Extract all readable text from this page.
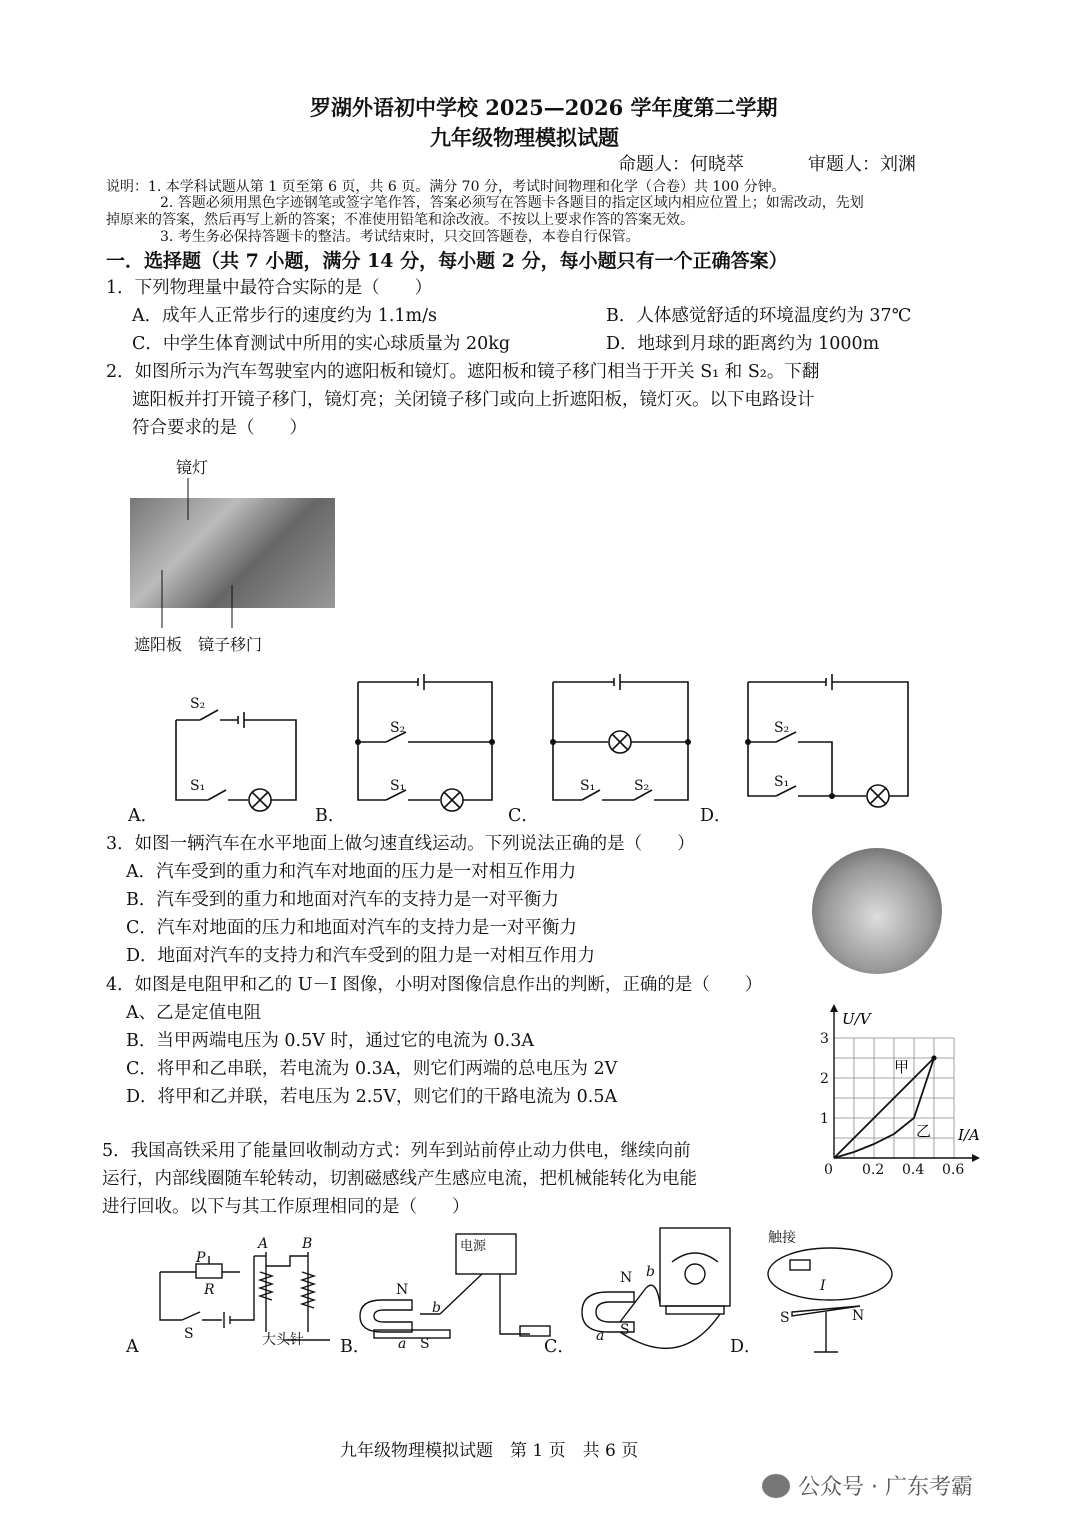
罗湖外语初中学校 2025—2026 学年度第二学期
九年级物理模拟试题
命题人：何晓萃	审题人：刘渊
说明：1. 本学科试题从第 1 页至第 6 页，共 6 页。满分 70 分，考试时间物理和化学（合卷）共 100 分钟。
2. 答题必须用黑色字迹钢笔或签字笔作答，答案必须写在答题卡各题目的指定区域内相应位置上；如需改动，先划
掉原来的答案，然后再写上新的答案；不准使用铅笔和涂改液。不按以上要求作答的答案无效。
3. 考生务必保持答题卡的整洁。考试结束时，只交回答题卷，本卷自行保管。
一．选择题（共 7 小题，满分 14 分，每小题 2 分，每小题只有一个正确答案）
1．下列物理量中最符合实际的是（　　）
A．成年人正常步行的速度约为 1.1m/s	B．人体感觉舒适的环境温度约为 37℃
C．中学生体育测试中所用的实心球质量为 20kg	D．地球到月球的距离约为 1000m
2．如图所示为汽车驾驶室内的遮阳板和镜灯。遮阳板和镜子移门相当于开关 S₁ 和 S₂。下翻
遮阳板并打开镜子移门，镜灯亮；关闭镜子移门或向上折遮阳板，镜灯灭。以下电路设计
符合要求的是（　　）
镜灯
遮阳板 镜子移门
S₂
S₁
S₂
S₁	S₁	S₂
S₂
S₁
A．	B．	C．	D．
3．如图一辆汽车在水平地面上做匀速直线运动。下列说法正确的是（　　）
A．汽车受到的重力和汽车对地面的压力是一对相互作用力
B．汽车受到的重力和地面对汽车的支持力是一对平衡力
C．汽车对地面的压力和地面对汽车的支持力是一对平衡力
D．地面对汽车的支持力和汽车受到的阻力是一对相互作用力
4．如图是电阻甲和乙的 U－I 图像，小明对图像信息作出的判断，正确的是（　　）
A、乙是定值电阻
B．当甲两端电压为 0.5V 时，通过它的电流为 0.3A
C．将甲和乙串联，若电流为 0.3A，则它们两端的总电压为 2V
D．将甲和乙并联，若电压为 2.5V，则它们的干路电流为 0.5A
0 0.2 0.4 0.6
1
2
3
U/V
I/A
甲
乙
5．我国高铁采用了能量回收制动方式：列车到站前停止动力供电，继续向前
运行，内部线圈随车轮转动，切割磁感线产生感应电流，把机械能转化为电能
进行回收。以下与其工作原理相同的是（　　）
P
R
S
A B
大头针
电源
N
S
a
b
N b
S
a
触接
I
S	N
A	B．	C．	D．
九年级物理模拟试题　第 1 页　共 6 页
公众号 · 广东考霸
